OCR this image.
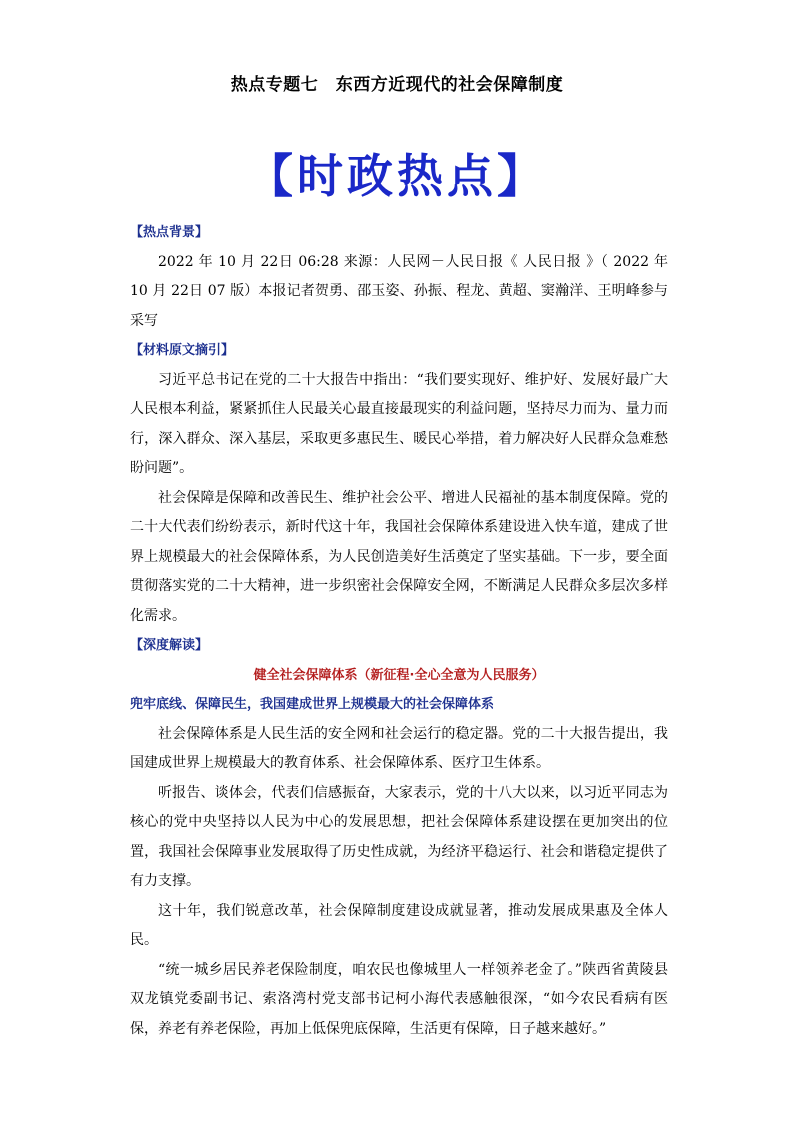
热点专题七　东西方近现代的社会保障制度
【时政热点】
【热点背景】

2022 年 10 月 22日 06:28 来源：人民网－人民日报《 人民日报 》（ 2022 年 10 月 22日 07 版）本报记者贺勇、邵玉姿、孙振、程龙、黄超、窦瀚洋、王明峰参与采写

【材料原文摘引】

习近平总书记在党的二十大报告中指出：“我们要实现好、维护好、发展好最广大人民根本利益，紧紧抓住人民最关心最直接最现实的利益问题，坚持尽力而为、量力而行，深入群众、深入基层，采取更多惠民生、暖民心举措，着力解决好人民群众急难愁盼问题”。

社会保障是保障和改善民生、维护社会公平、增进人民福祉的基本制度保障。党的二十大代表们纷纷表示，新时代这十年，我国社会保障体系建设进入快车道，建成了世界上规模最大的社会保障体系，为人民创造美好生活奠定了坚实基础。下一步，要全面贯彻落实党的二十大精神，进一步织密社会保障安全网，不断满足人民群众多层次多样化需求。

【深度解读】

健全社会保障体系（新征程·全心全意为人民服务）

兜牢底线、保障民生，我国建成世界上规模最大的社会保障体系

社会保障体系是人民生活的安全网和社会运行的稳定器。党的二十大报告提出，我国建成世界上规模最大的教育体系、社会保障体系、医疗卫生体系。

听报告、谈体会，代表们信感振奋，大家表示，党的十八大以来，以习近平同志为核心的党中央坚持以人民为中心的发展思想，把社会保障体系建设摆在更加突出的位置，我国社会保障事业发展取得了历史性成就，为经济平稳运行、社会和谐稳定提供了有力支撑。

这十年，我们锐意改革，社会保障制度建设成就显著，推动发展成果惠及全体人民。

“统一城乡居民养老保险制度，咱农民也像城里人一样领养老金了。”陕西省黄陵县双龙镇党委副书记、索洛湾村党支部书记柯小海代表感触很深，“如今农民看病有医保，养老有养老保险，再加上低保兜底保障，生活更有保障，日子越来越好。”
